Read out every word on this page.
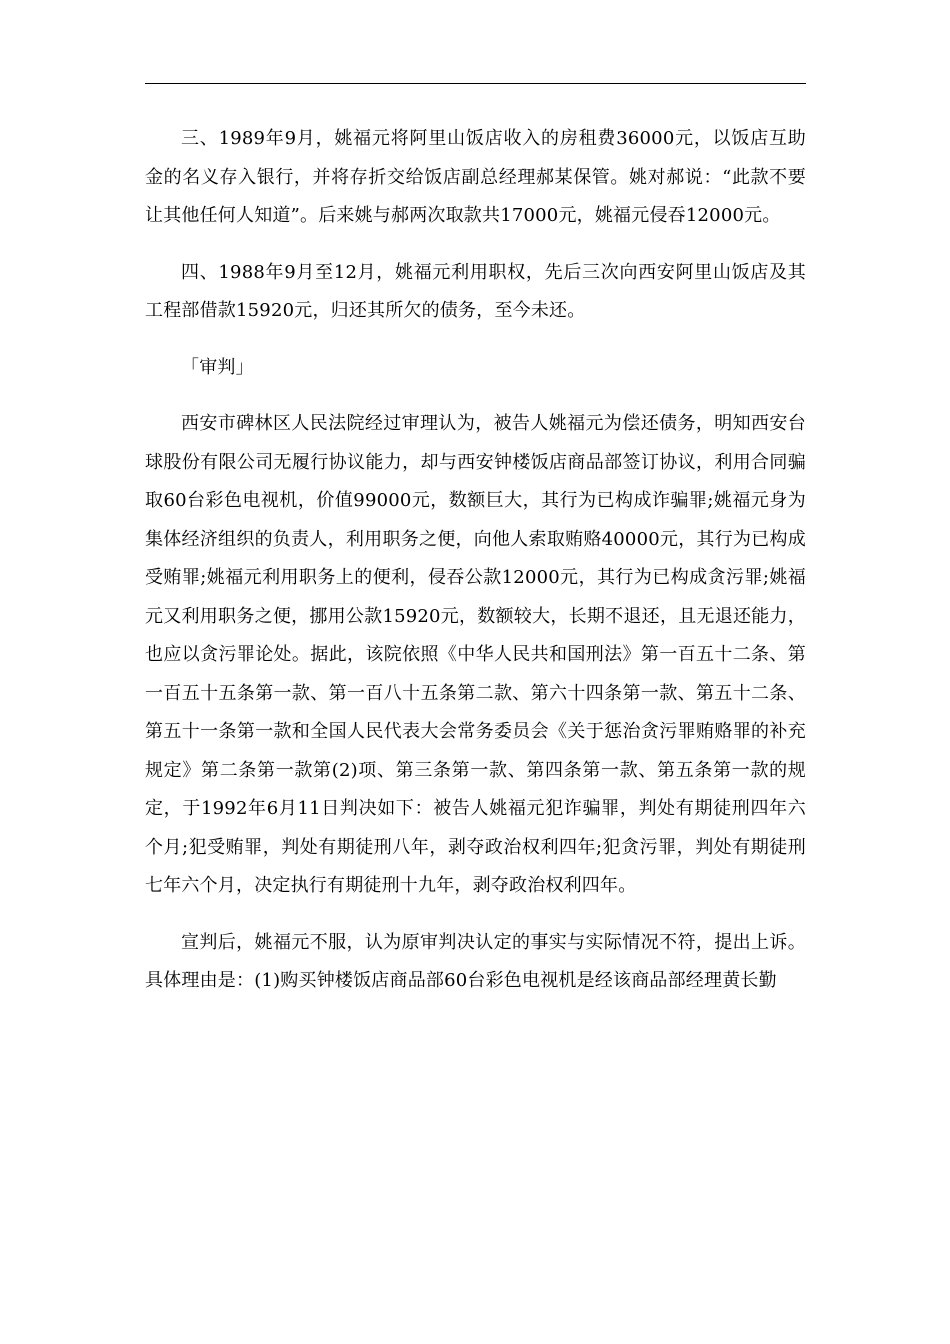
三、1989年9月，姚福元将阿里山饭店收入的房租费36000元，以饭店互助金的名义存入银行，并将存折交给饭店副总经理郝某保管。姚对郝说：“此款不要让其他任何人知道”。后来姚与郝两次取款共17000元，姚福元侵吞12000元。

四、1988年9月至12月，姚福元利用职权，先后三次向西安阿里山饭店及其工程部借款15920元，归还其所欠的债务，至今未还。

「审判」

西安市碑林区人民法院经过审理认为，被告人姚福元为偿还债务，明知西安台球股份有限公司无履行协议能力，却与西安钟楼饭店商品部签订协议，利用合同骗取60台彩色电视机，价值99000元，数额巨大，其行为已构成诈骗罪;姚福元身为集体经济组织的负责人，利用职务之便，向他人索取贿赂40000元，其行为已构成受贿罪;姚福元利用职务上的便利，侵吞公款12000元，其行为已构成贪污罪;姚福元又利用职务之便，挪用公款15920元，数额较大，长期不退还，且无退还能力，也应以贪污罪论处。据此，该院依照《中华人民共和国刑法》第一百五十二条、第一百五十五条第一款、第一百八十五条第二款、第六十四条第一款、第五十二条、第五十一条第一款和全国人民代表大会常务委员会《关于惩治贪污罪贿赂罪的补充规定》第二条第一款第(2)项、第三条第一款、第四条第一款、第五条第一款的规定，于1992年6月11日判决如下：被告人姚福元犯诈骗罪，判处有期徒刑四年六个月;犯受贿罪，判处有期徒刑八年，剥夺政治权利四年;犯贪污罪，判处有期徒刑七年六个月，决定执行有期徒刑十九年，剥夺政治权利四年。

宣判后，姚福元不服，认为原审判决认定的事实与实际情况不符，提出上诉。具体理由是：(1)购买钟楼饭店商品部60台彩色电视机是经该商品部经理黄长勤
